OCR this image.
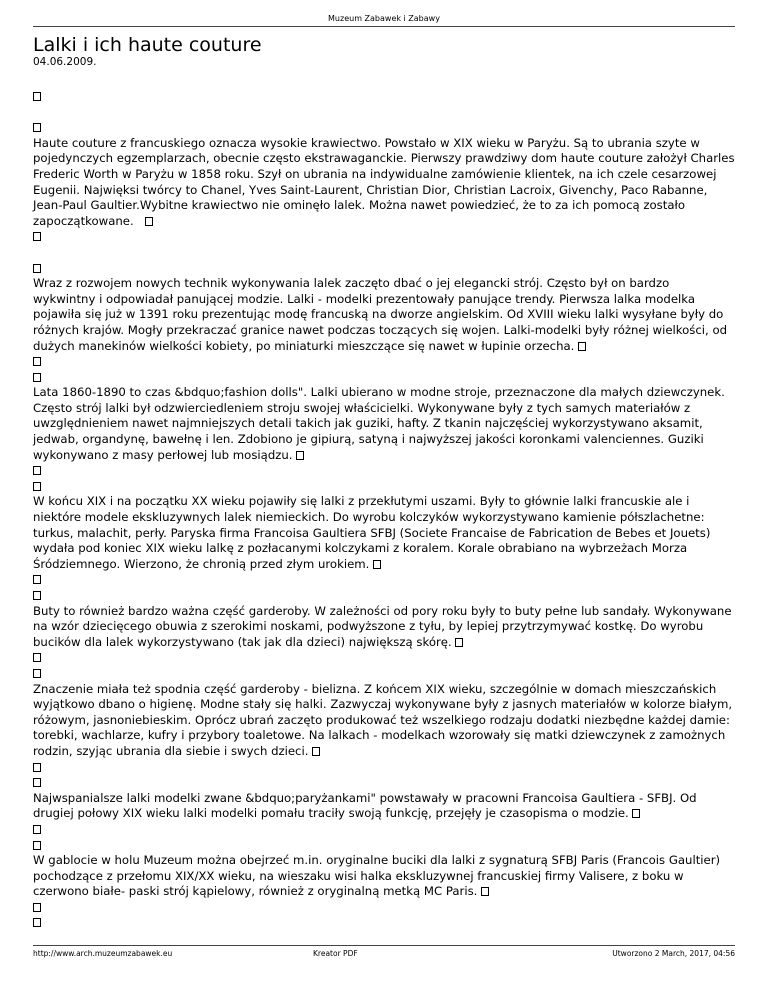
Muzeum Zabawek i Zabawy
Lalki i ich haute couture
04.06.2009.

Haute couture z francuskiego oznacza wysokie krawiectwo. Powstało w XIX wieku w Paryżu. Są to ubrania szyte w pojedynczych egzemplarzach, obecnie często ekstrawaganckie. Pierwszy prawdziwy dom haute couture założył Charles Frederic Worth w Paryżu w 1858 roku. Szył on ubrania na indywidualne zamówienie klientek, na ich czele cesarzowej Eugenii. Najwięksi twórcy to Chanel, Yves Saint-Laurent, Christian Dior, Christian Lacroix, Givenchy, Paco Rabanne, Jean-Paul Gaultier.Wybitne krawiectwo nie ominęło lalek. Można nawet powiedzieć, że to za ich pomocą zostało zapoczątkowane.

Wraz z rozwojem nowych technik wykonywania lalek zaczęto dbać o jej elegancki strój. Często był on bardzo wykwintny i odpowiadał panującej modzie. Lalki - modelki prezentowały panujące trendy. Pierwsza lalka modelka pojawiła się już w 1391 roku prezentując modę francuską na dworze angielskim. Od XVIII wieku lalki wysyłane były do różnych krajów. Mogły przekraczać granice nawet podczas toczących się wojen. Lalki-modelki były różnej wielkości, od dużych manekinów wielkości kobiety, po miniaturki mieszczące się nawet w łupinie orzecha.

Lata 1860-1890 to czas &bdquo;fashion dolls". Lalki ubierano w modne stroje, przeznaczone dla małych dziewczynek. Często strój lalki był odzwierciedleniem stroju swojej właścicielki. Wykonywane były z tych samych materiałów z uwzględnieniem nawet najmniejszych detali takich jak guziki, hafty. Z tkanin najczęściej wykorzystywano aksamit, jedwab, organdynę, bawełnę i len. Zdobiono je gipiurą, satyną i najwyższej jakości koronkami valenciennes. Guziki wykonywano z masy perłowej lub mosiądzu.

W końcu XIX i na początku XX wieku pojawiły się lalki z przekłutymi uszami. Były to głównie lalki francuskie ale i niektóre modele ekskluzywnych lalek niemieckich. Do wyrobu kolczyków wykorzystywano kamienie półszlachetne: turkus, malachit, perły. Paryska firma Francoisa Gaultiera SFBJ (Societe Francaise de Fabrication de Bebes et Jouets) wydała pod koniec XIX wieku lalkę z pozłacanymi kolczykami z koralem. Korale obrabiano na wybrzeżach Morza Śródziemnego. Wierzono, że chronią przed złym urokiem.

Buty to również bardzo ważna część garderoby. W zależności od pory roku były to buty pełne lub sandały. Wykonywane na wzór dziecięcego obuwia z szerokimi noskami, podwyższone z tyłu, by lepiej przytrzymywać kostkę. Do wyrobu bucików dla lalek wykorzystywano (tak jak dla dzieci) największą skórę.

Znaczenie miała też spodnia część garderoby - bielizna. Z końcem XIX wieku, szczególnie w domach mieszczańskich wyjątkowo dbano o higienę. Modne stały się halki. Zazwyczaj wykonywane były z jasnych materiałów w kolorze białym, różowym, jasnoniebieskim. Oprócz ubrań zaczęto produkować też wszelkiego rodzaju dodatki niezbędne każdej damie: torebki, wachlarze, kufry i przybory toaletowe. Na lalkach - modelkach wzorowały się matki dziewczynek z zamożnych rodzin, szyjąc ubrania dla siebie i swych dzieci.

Najwspanialsze lalki modelki zwane &bdquo;paryżankami" powstawały w pracowni Francoisa Gaultiera - SFBJ. Od drugiej połowy XIX wieku lalki modelki pomału traciły swoją funkcję, przejęły je czasopisma o modzie.

W gablocie w holu Muzeum można obejrzeć m.in. oryginalne buciki dla lalki z sygnaturą SFBJ Paris (Francois Gaultier) pochodzące z przełomu XIX/XX wieku, na wieszaku wisi halka ekskluzywnej francuskiej firmy Valisere, z boku w czerwono białe- paski strój kąpielowy, również z oryginalną metką MC Paris.

http://www.arch.muzeumzabawek.eu	Kreator PDF	Utworzono 2 March, 2017, 04:56
